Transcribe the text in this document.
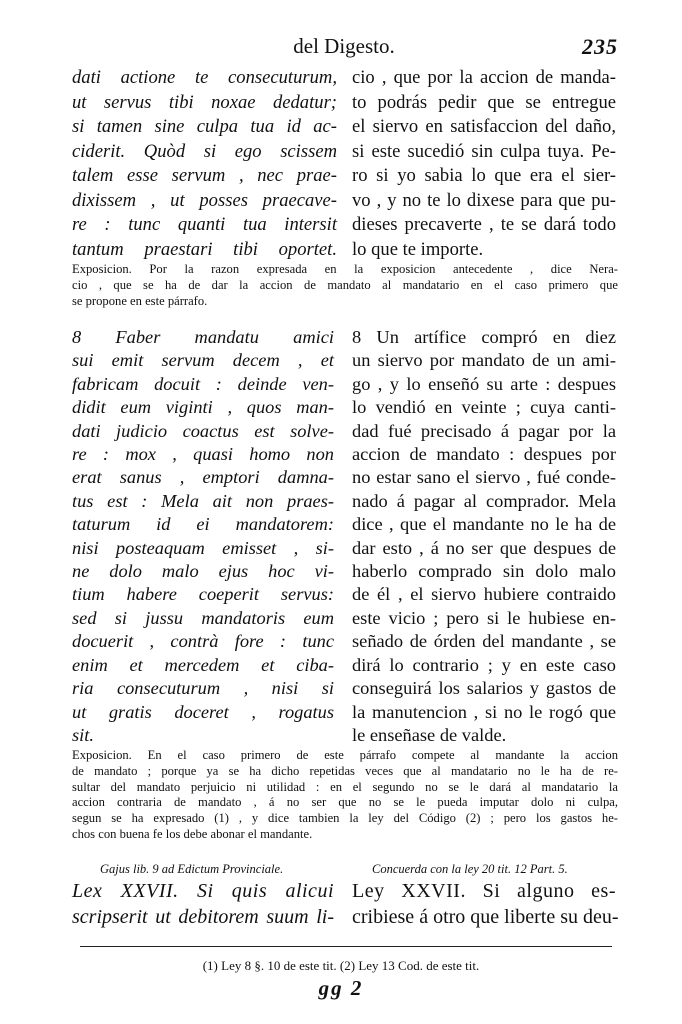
del Digesto.	235
dati actione te consecuturum,
ut servus tibi noxae dedatur;
si tamen sine culpa tua id ac-
ciderit. Quòd si ego scissem
talem esse servum , nec prae-
dixissem , ut posses praecave-
re : tunc quanti tua intersit
tantum praestari tibi oportet.
cio , que por la accion de manda-
to podrás pedir que se entregue
el siervo en satisfaccion del daño,
si este sucedió sin culpa tuya. Pe-
ro si yo sabia lo que era el sier-
vo , y no te lo dixese para que pu-
dieses precaverte , te se dará todo
lo que te importe.
Exposicion. Por la razon expresada en la exposicion antecedente , dice Nera-
cio , que se ha de dar la accion de mandato al mandatario en el caso primero que
se propone en este párrafo.
8 Faber mandatu amici
sui emit servum decem , et
fabricam docuit : deinde ven-
didit eum viginti , quos man-
dati judicio coactus est solve-
re : mox , quasi homo non
erat sanus , emptori damna-
tus est : Mela ait non praes-
taturum id ei mandatorem:
nisi posteaquam emisset , si-
ne dolo malo ejus hoc vi-
tium habere coeperit servus:
sed si jussu mandatoris eum
docuerit , contrà fore : tunc
enim et mercedem et ciba-
ria consecuturum , nisi si
ut gratis doceret , rogatus
sit.
8 Un artífice compró en diez
un siervo por mandato de un ami-
go , y lo enseñó su arte : despues
lo vendió en veinte ; cuya canti-
dad fué precisado á pagar por la
accion de mandato : despues por
no estar sano el siervo , fué conde-
nado á pagar al comprador. Mela
dice , que el mandante no le ha de
dar esto , á no ser que despues de
haberlo comprado sin dolo malo
de él , el siervo hubiere contraido
este vicio ; pero si le hubiese en-
señado de órden del mandante , se
dirá lo contrario ; y en este caso
conseguirá los salarios y gastos de
la manutencion , si no le rogó que
le enseñase de valde.
Exposicion. En el caso primero de este párrafo compete al mandante la accion
de mandato ; porque ya se ha dicho repetidas veces que al mandatario no le ha de re-
sultar del mandato perjuicio ni utilidad : en el segundo no se le dará al mandatario la
accion contraria de mandato , á no ser que no se le pueda imputar dolo ni culpa,
segun se ha expresado (1) , y dice tambien la ley del Código (2) ; pero los gastos he-
chos con buena fe los debe abonar el mandante.
Gajus lib. 9 ad Edictum Provinciale.	Concuerda con la ley 20 tit. 12 Part. 5.
Lex XXVII. Si quis alicui
scripserit ut debitorem suum li-
Ley XXVII. Si alguno es-
cribiese á otro que liberte su deu-
(1) Ley 8 §. 10 de este tit. (2) Ley 13 Cod. de este tit.
gg 2
